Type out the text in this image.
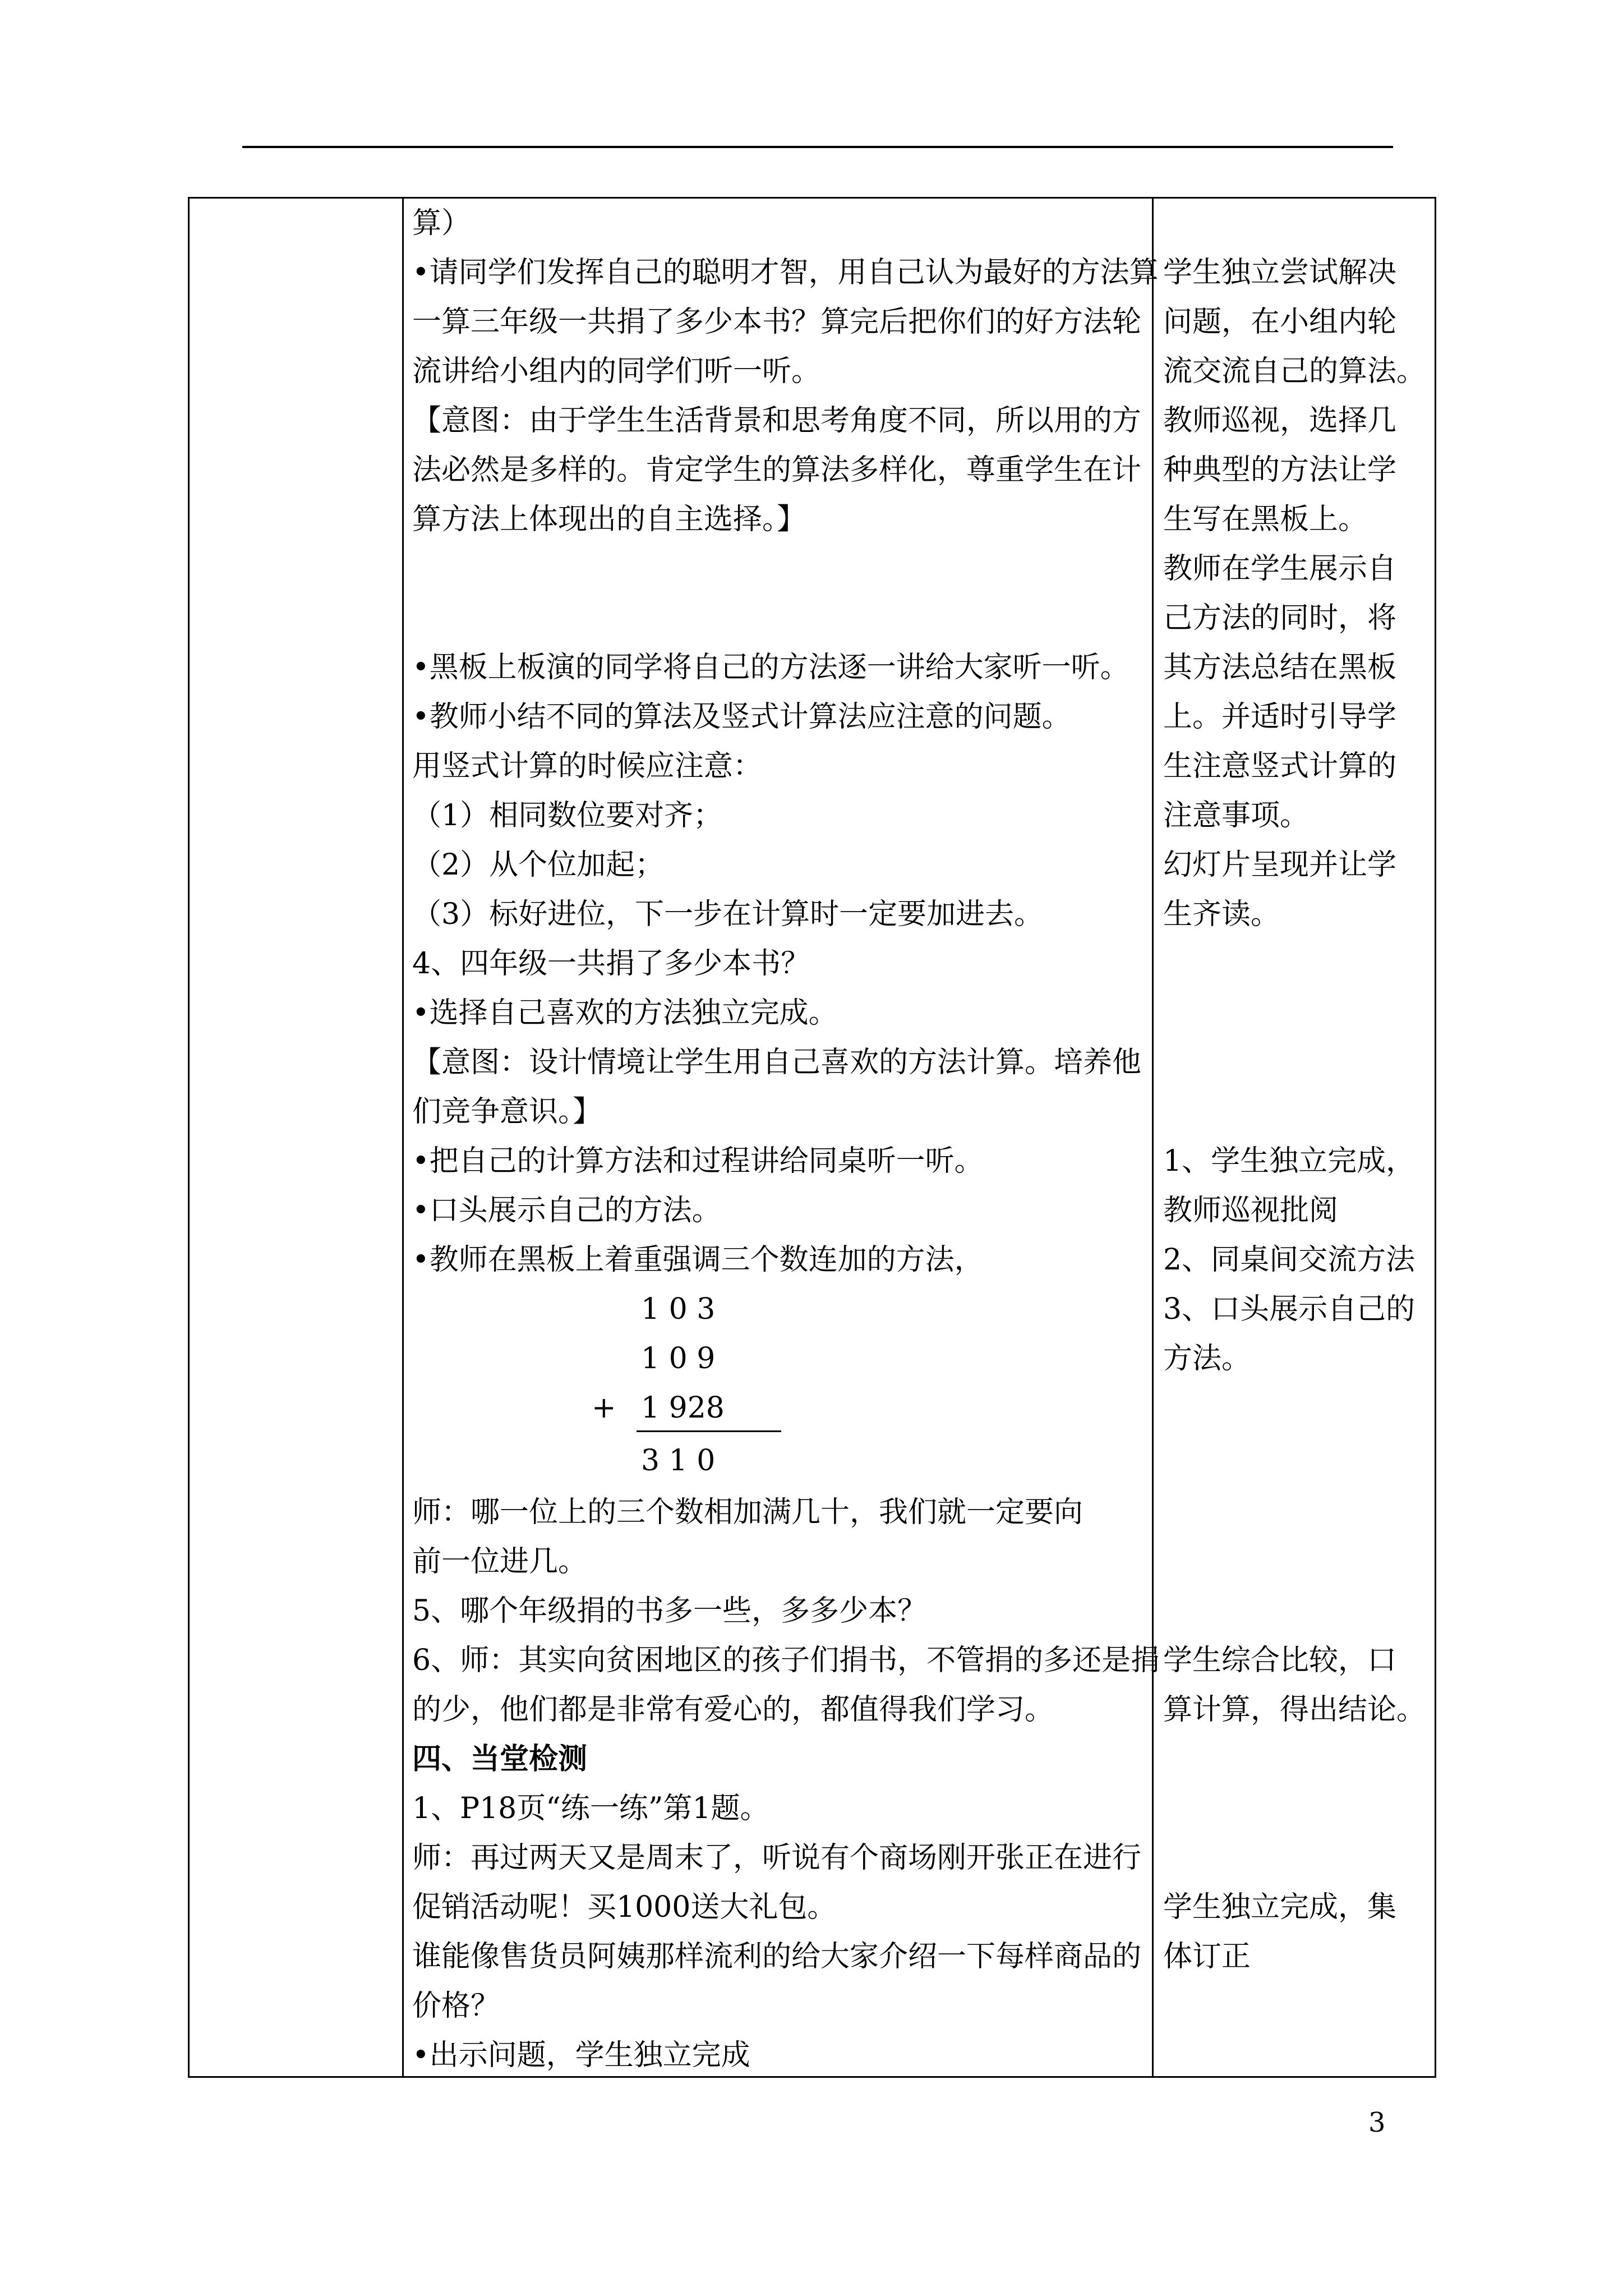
算）
•请同学们发挥自己的聪明才智，用自己认为最好的方法算
一算三年级一共捐了多少本书？算完后把你们的好方法轮
流讲给小组内的同学们听一听。
【意图：由于学生生活背景和思考角度不同，所以用的方
法必然是多样的。肯定学生的算法多样化，尊重学生在计
算方法上体现出的自主选择。】
•黑板上板演的同学将自己的方法逐一讲给大家听一听。
•教师小结不同的算法及竖式计算法应注意的问题。
用竖式计算的时候应注意：
（1）相同数位要对齐；
（2）从个位加起；
（3）标好进位，下一步在计算时一定要加进去。
4、四年级一共捐了多少本书？
•选择自己喜欢的方法独立完成。
【意图：设计情境让学生用自己喜欢的方法计算。培养他
们竞争意识。】
•把自己的计算方法和过程讲给同桌听一听。
•口头展示自己的方法。
•教师在黑板上着重强调三个数连加的方法，
1 0 3
1 0 9
+ 1 928
3 1 0
师：哪一位上的三个数相加满几十，我们就一定要向
前一位进几。
5、哪个年级捐的书多一些，多多少本？
6、师：其实向贫困地区的孩子们捐书，不管捐的多还是捐
的少，他们都是非常有爱心的，都值得我们学习。
四、当堂检测
1、P18页“练一练”第1题。
师：再过两天又是周末了，听说有个商场刚开张正在进行
促销活动呢！买1000送大礼包。
谁能像售货员阿姨那样流利的给大家介绍一下每样商品的
价格？
•出示问题，学生独立完成
学生独立尝试解决
问题，在小组内轮
流交流自己的算法。
教师巡视，选择几
种典型的方法让学
生写在黑板上。
教师在学生展示自
己方法的同时，将
其方法总结在黑板
上。并适时引导学
生注意竖式计算的
注意事项。
幻灯片呈现并让学
生齐读。
1、学生独立完成，
教师巡视批阅
2、同桌间交流方法
3、口头展示自己的
方法。
学生综合比较，口
算计算，得出结论。
学生独立完成，集
体订正
3
